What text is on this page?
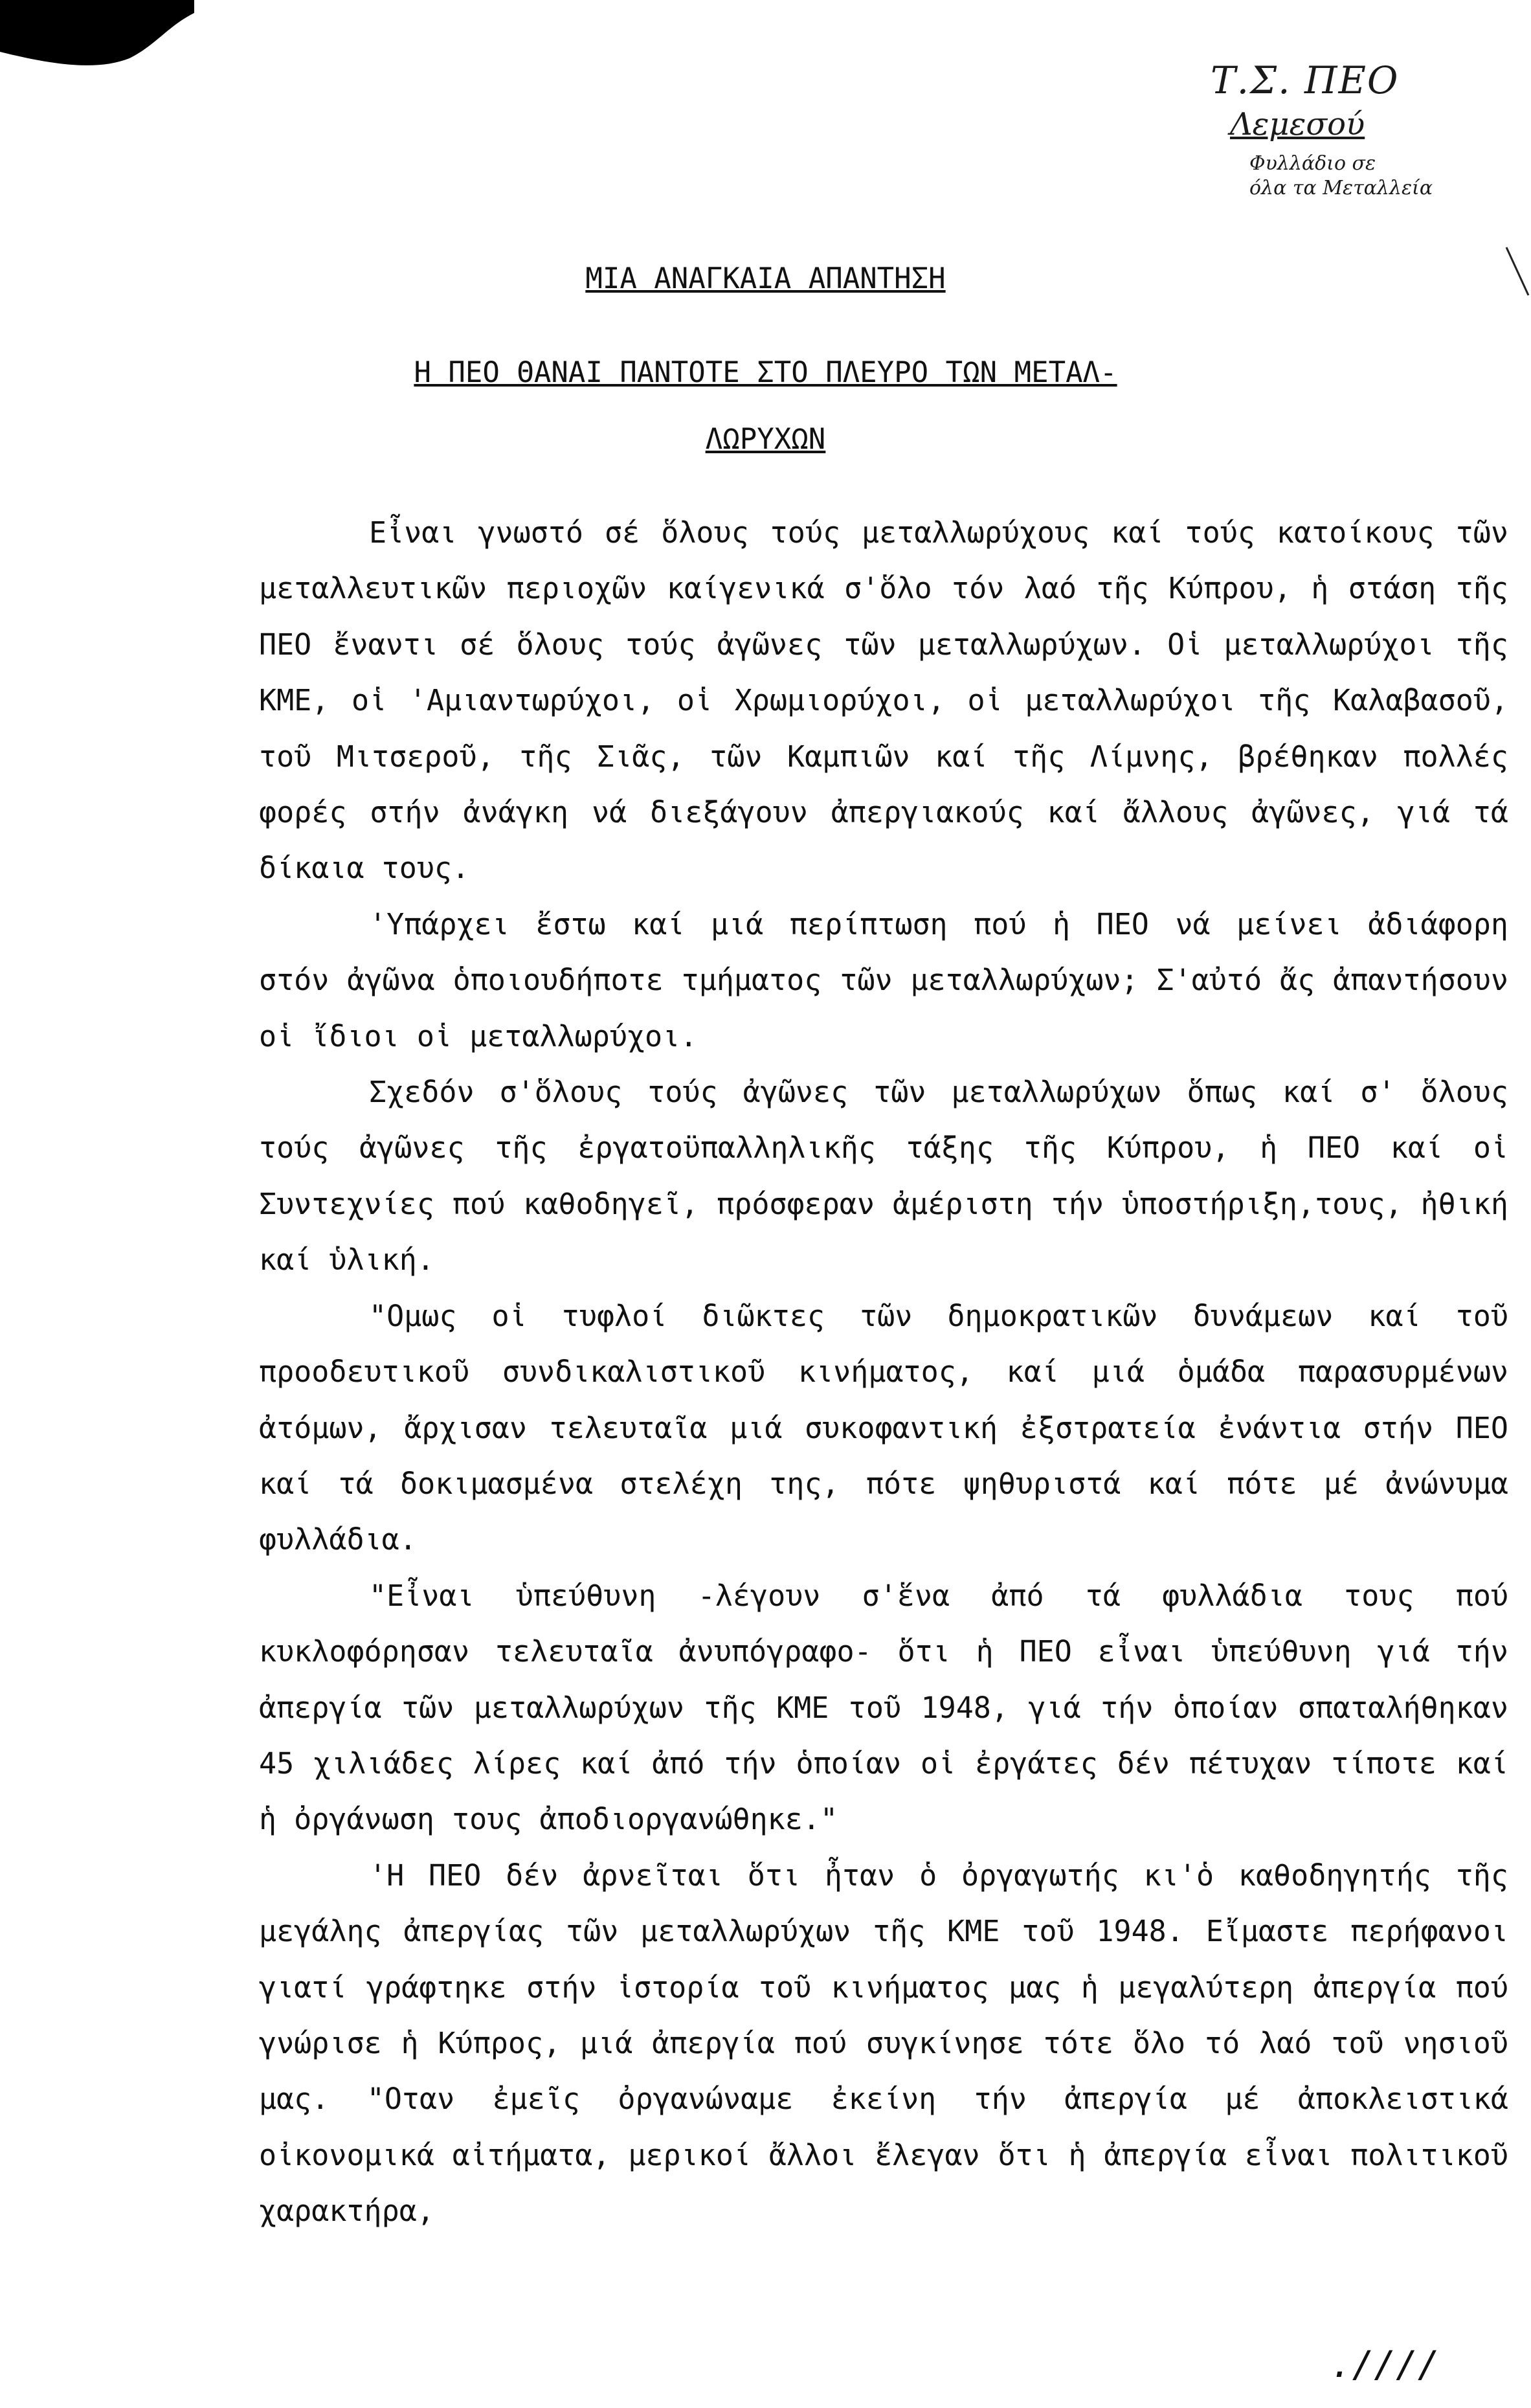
Τ.Σ. ΠΕΟ
Λεμεσού
Φυλλάδιο σε
όλα τα Μεταλλεία
ΜΙΑ ΑΝΑΓΚΑΙΑ ΑΠΑΝΤΗΣΗ
Η ΠΕΟ ΘΑΝΑΙ ΠΑΝΤΟΤΕ ΣΤΟ ΠΛΕΥΡΟ ΤΩΝ ΜΕΤΑΛ-
ΛΩΡΥΧΩΝ

Εἶναι γνωστό σέ ὅλους τούς μεταλλωρύχους καί τούς κατοίκους τῶν μεταλλευτικῶν περιοχῶν καίγενικά σ'ὅλο τόν λαό τῆς Κύπρου, ἡ στάση τῆς ΠΕΟ ἔναντι σέ ὅλους τούς ἀγῶνες τῶν μεταλλωρύχων. Οἱ μεταλλωρύχοι τῆς ΚΜΕ, οἱ 'Αμιαντωρύχοι, οἱ Χρωμιορύχοι, οἱ μεταλλωρύχοι τῆς Καλαβασοῦ, τοῦ Μιτσεροῦ, τῆς Σιᾶς, τῶν Καμπιῶν καί τῆς Λίμνης, βρέθηκαν πολλές φορές στήν ἀνάγκη νά διεξάγουν ἀπεργιακούς καί ἄλλους ἀγῶνες, γιά τά δίκαια τους.

'Υπάρχει ἔστω καί μιά περίπτωση πού ἡ ΠΕΟ νά μείνει ἀδιάφορη στόν ἀγῶνα ὁποιουδήποτε τμήματος τῶν μεταλλωρύχων; Σ'αὐτό ἄς ἀπαντήσουν οἱ ἴδιοι οἱ μεταλλωρύχοι.

Σχεδόν σ'ὅλους τούς ἀγῶνες τῶν μεταλλωρύχων ὅπως καί σ' ὅλους τούς ἀγῶνες τῆς ἐργατοϋπαλληλικῆς τάξης τῆς Κύπρου, ἡ ΠΕΟ καί οἱ Συντεχνίες πού καθοδηγεῖ, πρόσφεραν ἀμέριστη τήν ὑποστήριξη,τους, ἠθική καί ὑλική.

"Ομως οἱ τυφλοί διῶκτες τῶν δημοκρατικῶν δυνάμεων καί τοῦ προοδευτικοῦ συνδικαλιστικοῦ κινήματος, καί μιά ὁμάδα παρασυρμένων ἀτόμων, ἄρχισαν τελευταῖα μιά συκοφαντική ἐξστρατεία ἐνάντια στήν ΠΕΟ καί τά δοκιμασμένα στελέχη της, πότε ψηθυριστά καί πότε μέ ἀνώνυμα φυλλάδια.

"Εἶναι ὑπεύθυνη -λέγουν σ'ἕνα ἀπό τά φυλλάδια τους πού κυκλοφόρησαν τελευταῖα ἀνυπόγραφο- ὅτι ἡ ΠΕΟ εἶναι ὑπεύθυνη γιά τήν ἀπεργία τῶν μεταλλωρύχων τῆς ΚΜΕ τοῦ 1948, γιά τήν ὁποίαν σπαταλήθηκαν 45 χιλιάδες λίρες καί ἀπό τήν ὁποίαν οἱ ἐργάτες δέν πέτυχαν τίποτε καί ἡ ὀργάνωση τους ἀποδιοργανώθηκε."

'Η ΠΕΟ δέν ἀρνεῖται ὅτι ἦταν ὁ ὀργαγωτής κι'ὁ καθοδηγητής τῆς μεγάλης ἀπεργίας τῶν μεταλλωρύχων τῆς ΚΜΕ τοῦ 1948. Εἴμαστε περήφανοι γιατί γράφτηκε στήν ἱστορία τοῦ κινήματος μας ἡ μεγαλύτερη ἀπεργία πού γνώρισε ἡ Κύπρος, μιά ἀπεργία πού συγκίνησε τότε ὅλο τό λαό τοῦ νησιοῦ μας. "Οταν ἐμεῖς ὀργανώναμε ἐκείνη τήν ἀπεργία μέ ἀποκλειστικά οἰκονομικά αἰτήματα, μερικοί ἄλλοι ἔλεγαν ὅτι ἡ ἀπεργία εἶναι πολιτικοῦ χαρακτήρα,

.////
